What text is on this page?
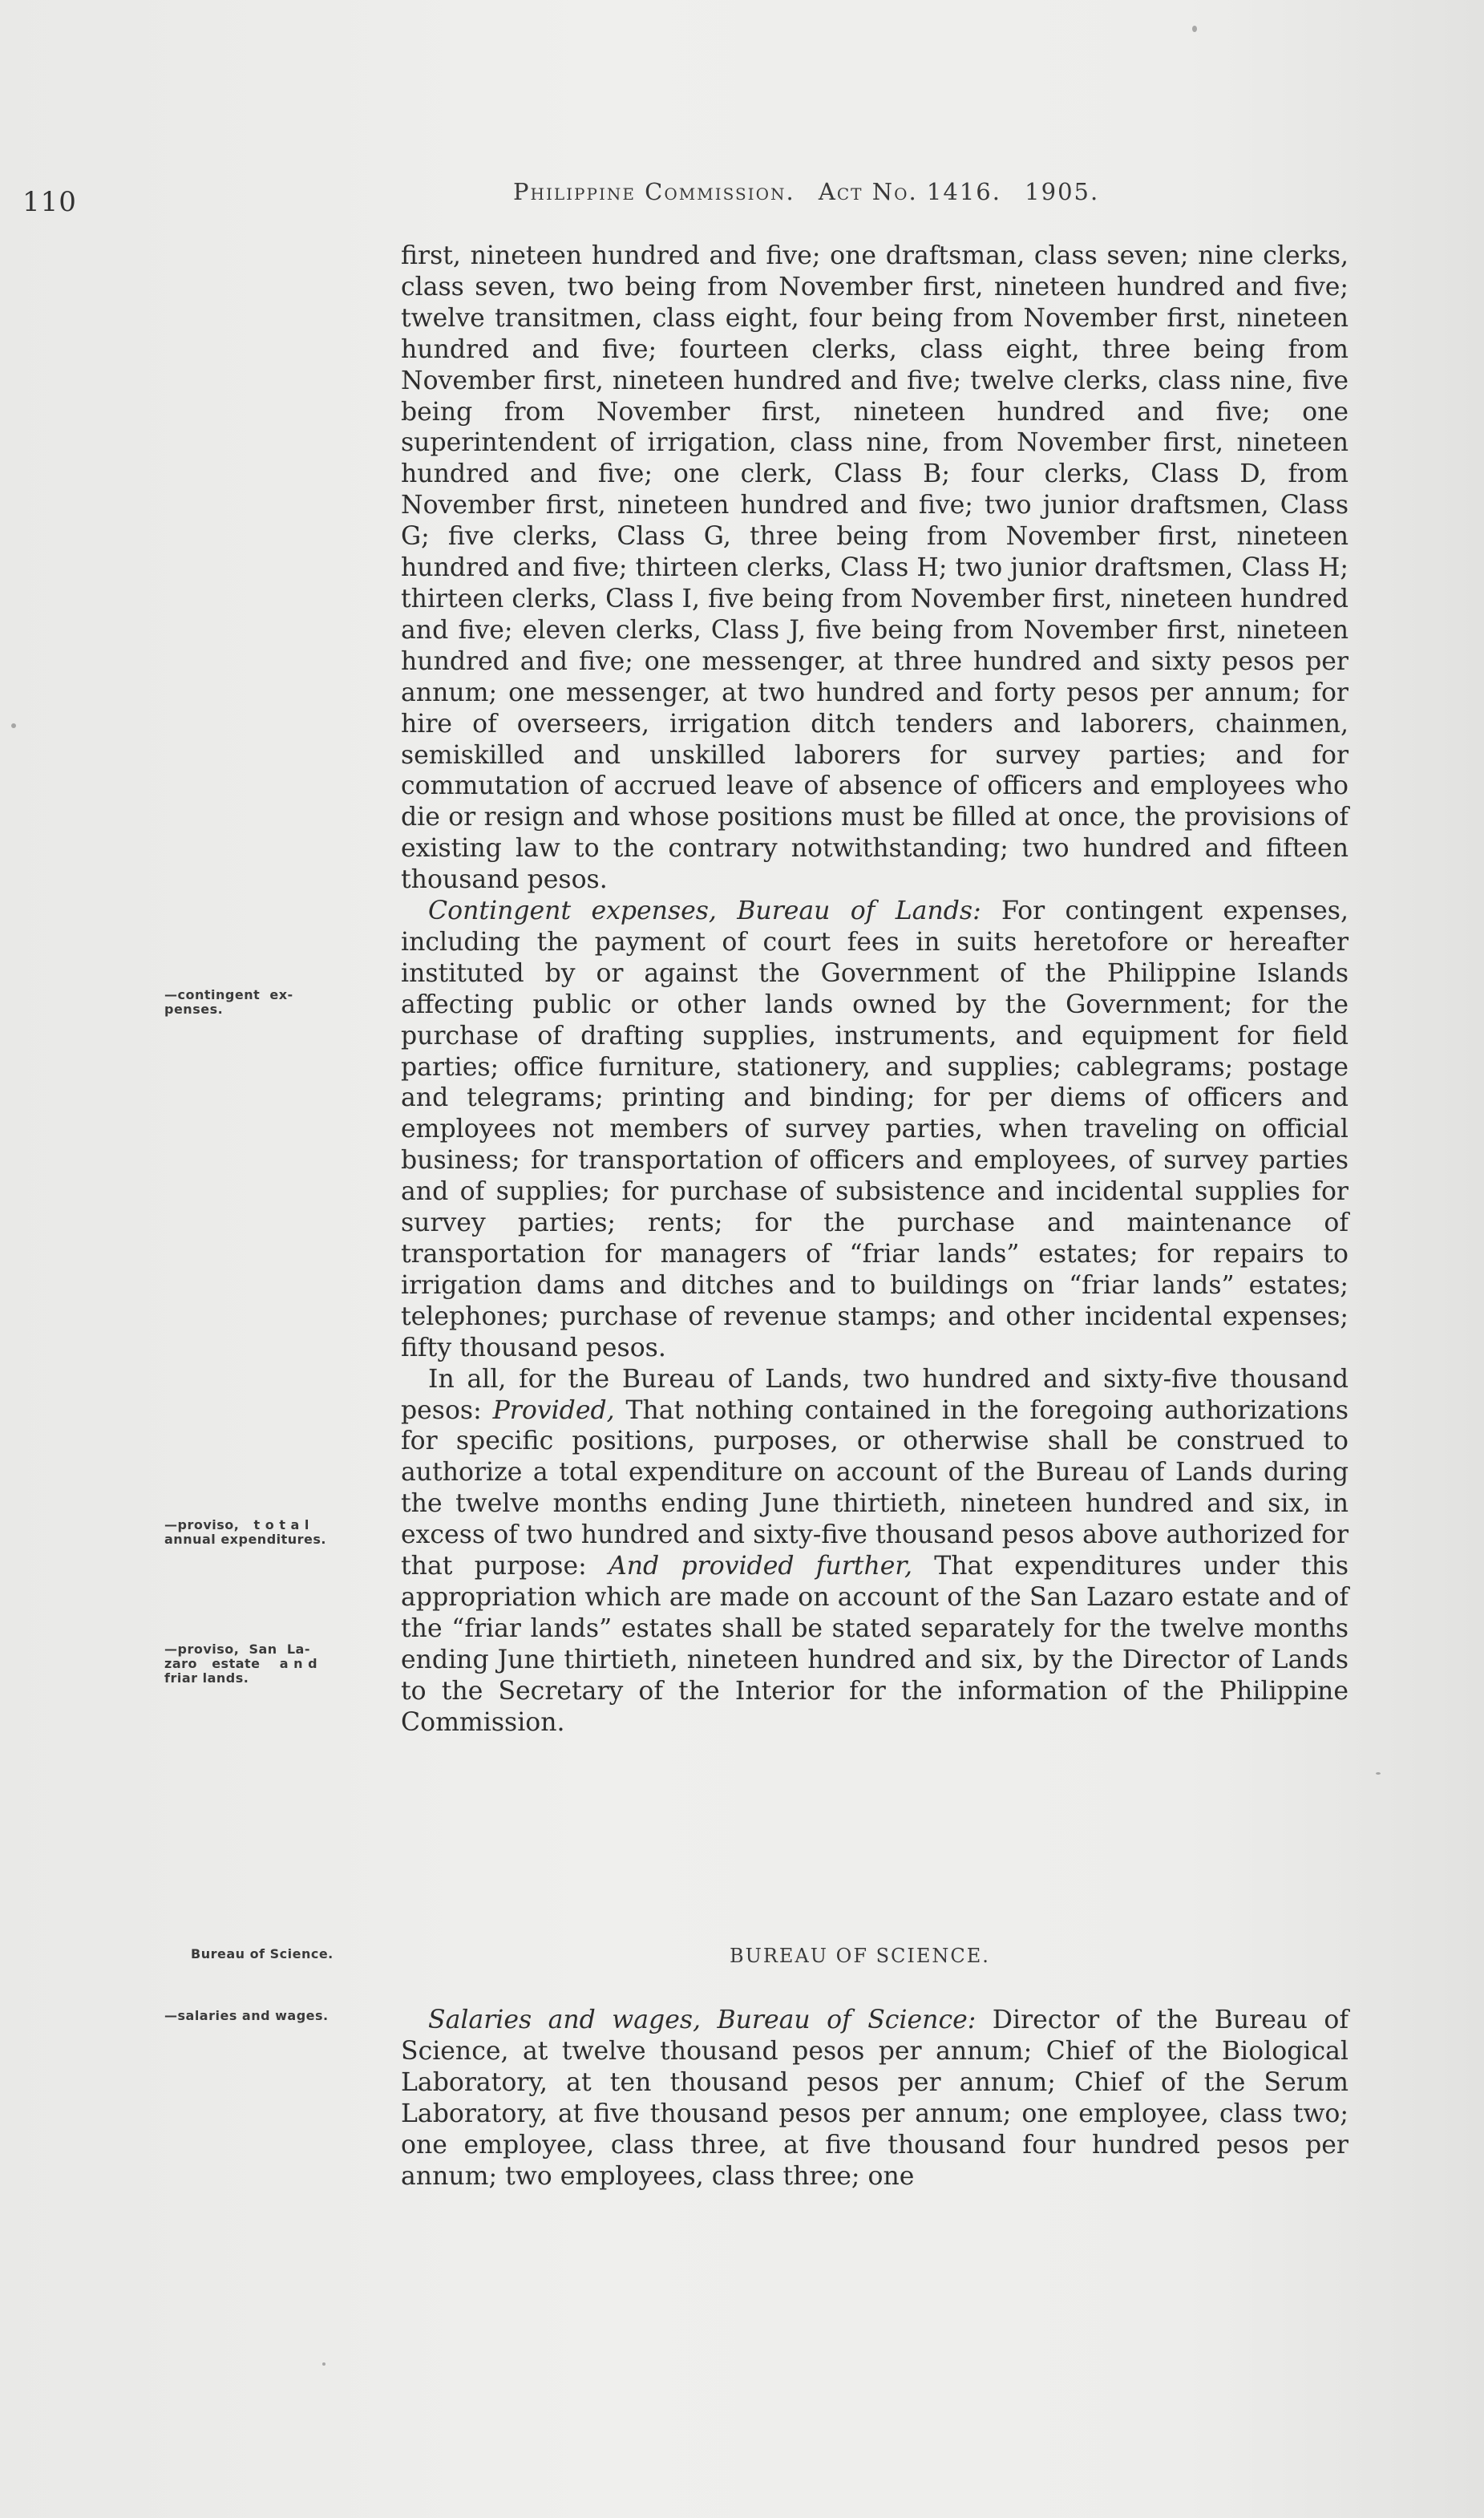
110	Philippine Commission. Act No. 1416. 1905.

first, nineteen hundred and five; one draftsman, class seven; nine clerks, class seven, two being from November first, nineteen hundred and five; twelve transitmen, class eight, four being from November first, nineteen hundred and five; fourteen clerks, class eight, three being from November first, nineteen hundred and five; twelve clerks, class nine, five being from November first, nineteen hundred and five; one superintendent of irrigation, class nine, from November first, nineteen hundred and five; one clerk, Class B; four clerks, Class D, from November first, nineteen hundred and five; two junior draftsmen, Class G; five clerks, Class G, three being from November first, nineteen hundred and five; thirteen clerks, Class H; two junior draftsmen, Class H; thirteen clerks, Class I, five being from November first, nineteen hundred and five; eleven clerks, Class J, five being from November first, nineteen hundred and five; one messenger, at three hundred and sixty pesos per annum; one messenger, at two hundred and forty pesos per annum; for hire of overseers, irrigation ditch tenders and laborers, chainmen, semiskilled and unskilled laborers for survey parties; and for commutation of accrued leave of absence of officers and employees who die or resign and whose positions must be filled at once, the provisions of existing law to the contrary notwithstanding; two hundred and fifteen thousand pesos.

Contingent expenses, Bureau of Lands: For contingent expenses, including the payment of court fees in suits heretofore or hereafter instituted by or against the Government of the Philippine Islands affecting public or other lands owned by the Government; for the purchase of drafting supplies, instruments, and equipment for field parties; office furniture, stationery, and supplies; cablegrams; postage and telegrams; printing and binding; for per diems of officers and employees not members of survey parties, when traveling on official business; for transportation of officers and employees, of survey parties and of supplies; for purchase of subsistence and incidental supplies for survey parties; rents; for the purchase and maintenance of transportation for managers of “friar lands” estates; for repairs to irrigation dams and ditches and to buildings on “friar lands” estates; telephones; purchase of revenue stamps; and other incidental expenses; fifty thousand pesos.

In all, for the Bureau of Lands, two hundred and sixty-five thousand pesos: Provided, That nothing contained in the foregoing authorizations for specific positions, purposes, or otherwise shall be construed to authorize a total expenditure on account of the Bureau of Lands during the twelve months ending June thirtieth, nineteen hundred and six, in excess of two hundred and sixty-five thousand pesos above authorized for that purpose: And provided further, That expenditures under this appropriation which are made on account of the San Lazaro estate and of the “friar lands” estates shall be stated separately for the twelve months ending June thirtieth, nineteen hundred and six, by the Director of Lands to the Secretary of the Interior for the information of the Philippine Commission.

—contingent  ex-
penses.
—proviso,   t o t a l
annual expenditures.
—proviso,  San  La-
zaro   estate    a n d
friar lands.
Bureau of Science.
—salaries and wages.
BUREAU OF SCIENCE.

Salaries and wages, Bureau of Science: Director of the Bureau of Science, at twelve thousand pesos per annum; Chief of the Biological Laboratory, at ten thousand pesos per annum; Chief of the Serum Laboratory, at five thousand pesos per annum; one employee, class two; one employee, class three, at five thousand four hundred pesos per annum; two employees, class three; one
